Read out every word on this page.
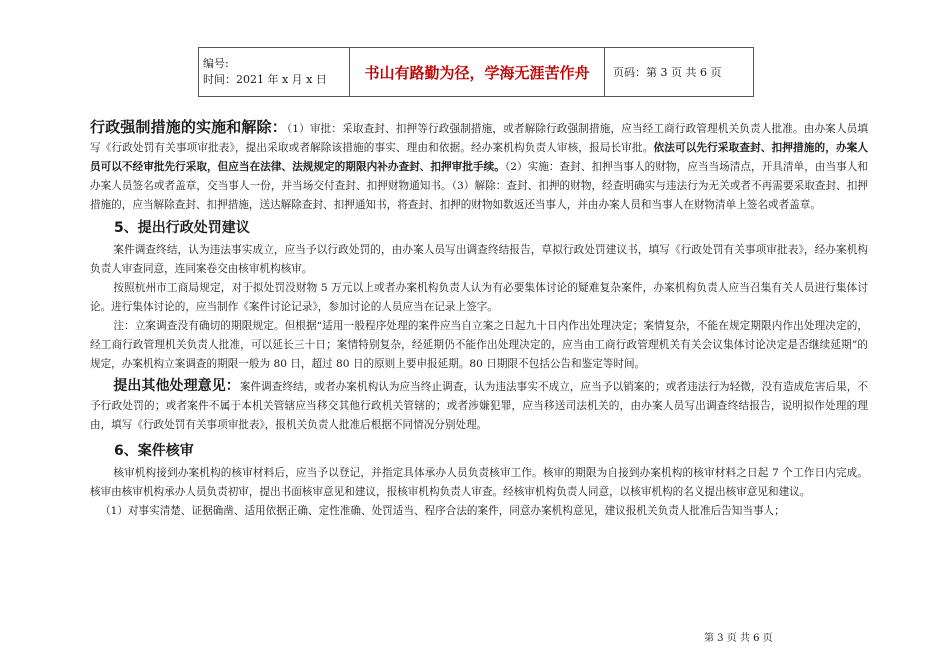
编号:
时间：2021 年 x 月 x 日	书山有路勤为径，学海无涯苦作舟	页码：第 3 页 共 6 页

行政强制措施的实施和解除：（1）审批：采取查封、扣押等行政强制措施，或者解除行政强制措施，应当经工商行政管理机关负责人批准。由办案人员填写《行政处罚有关事项审批表》，提出采取或者解除该措施的事实、理由和依据。经办案机构负责人审核，报局长审批。依法可以先行采取查封、扣押措施的，办案人员可以不经审批先行采取，但应当在法律、法规规定的期限内补办查封、扣押审批手续。（2）实施：查封、扣押当事人的财物，应当当场清点，开具清单，由当事人和办案人员签名或者盖章，交当事人一份，并当场交付查封、扣押财物通知书。（3）解除：查封、扣押的财物，经查明确实与违法行为无关或者不再需要采取查封、扣押措施的，应当解除查封、扣押措施，送达解除查封、扣押通知书，将查封、扣押的财物如数返还当事人，并由办案人员和当事人在财物清单上签名或者盖章。

5、提出行政处罚建议

案件调查终结，认为违法事实成立，应当予以行政处罚的，由办案人员写出调查终结报告，草拟行政处罚建议书，填写《行政处罚有关事项审批表》，经办案机构负责人审查同意，连同案卷交由核审机构核审。

按照杭州市工商局规定，对于拟处罚没财物 5 万元以上或者办案机构负责人认为有必要集体讨论的疑难复杂案件，办案机构负责人应当召集有关人员进行集体讨论。进行集体讨论的，应当制作《案件讨论记录》，参加讨论的人员应当在记录上签字。

注：立案调查没有确切的期限规定。但根据“适用一般程序处理的案件应当自立案之日起九十日内作出处理决定；案情复杂，不能在规定期限内作出处理决定的，经工商行政管理机关负责人批准，可以延长三十日；案情特别复杂，经延期仍不能作出处理决定的，应当由工商行政管理机关有关会议集体讨论决定是否继续延期”的规定，办案机构立案调查的期限一般为 80 日，超过 80 日的原则上要申报延期。80 日期限不包括公告和鉴定等时间。

提出其他处理意见：案件调查终结，或者办案机构认为应当终止调查，认为违法事实不成立，应当予以销案的；或者违法行为轻微，没有造成危害后果，不予行政处罚的；或者案件不属于本机关管辖应当移交其他行政机关管辖的；或者涉嫌犯罪，应当移送司法机关的，由办案人员写出调查终结报告，说明拟作处理的理由，填写《行政处罚有关事项审批表》，报机关负责人批准后根据不同情况分别处理。

6、案件核审

核审机构接到办案机构的核审材料后，应当予以登记，并指定具体承办人员负责核审工作。核审的期限为自接到办案机构的核审材料之日起 7 个工作日内完成。核审由核审机构承办人员负责初审，提出书面核审意见和建议，报核审机构负责人审查。经核审机构负责人同意，以核审机构的名义提出核审意见和建议。

（1）对事实清楚、证据确凿、适用依据正确、定性准确、处罚适当、程序合法的案件，同意办案机构意见，建议报机关负责人批准后告知当事人；

第 3 页 共 6 页
